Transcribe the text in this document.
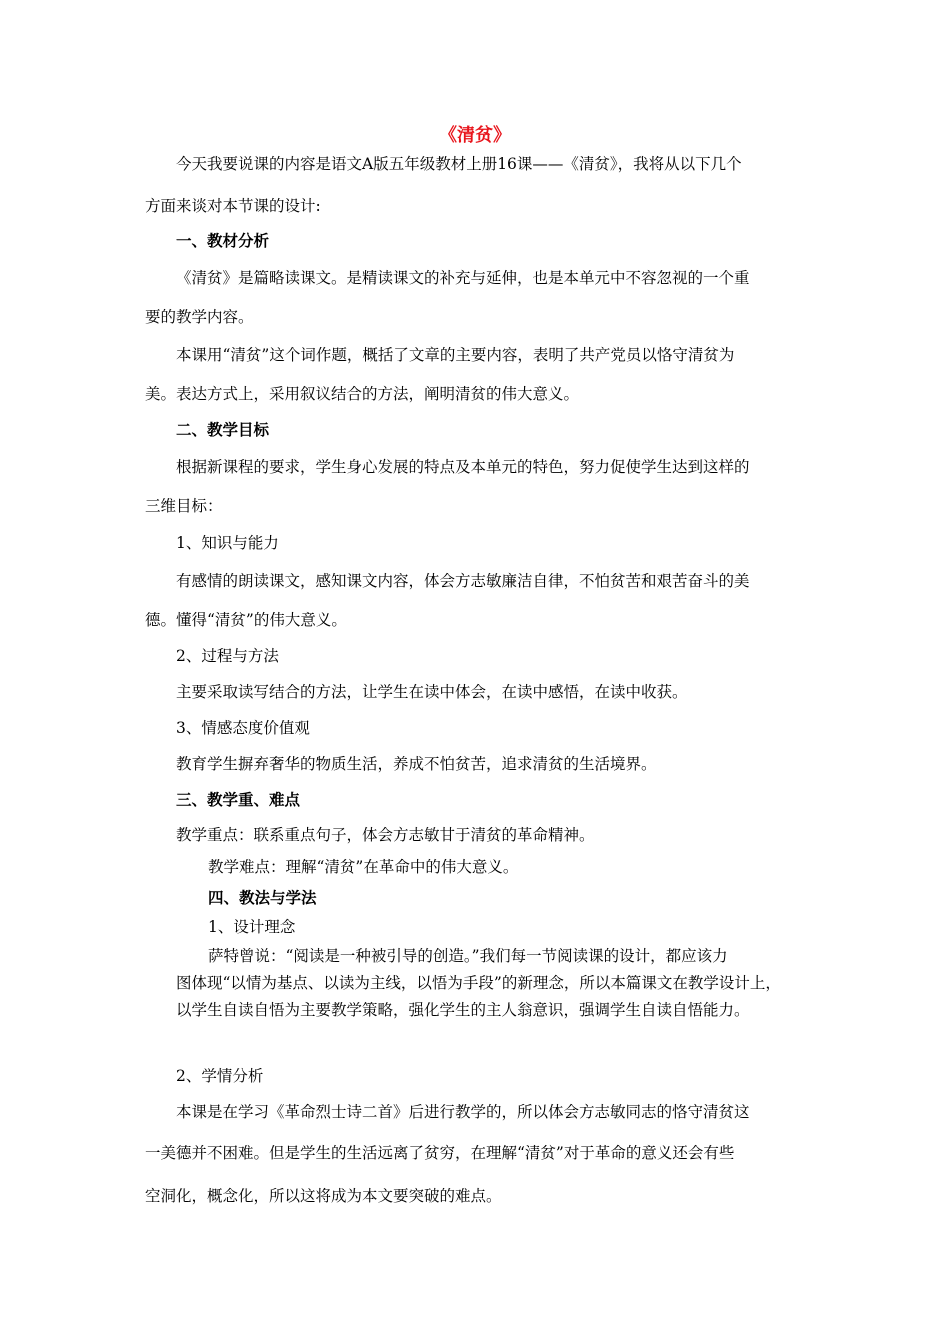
《清贫》
今天我要说课的内容是语文A版五年级教材上册16课——《清贫》，我将从以下几个
方面来谈对本节课的设计:
一、教材分析
《清贫》是篇略读课文。是精读课文的补充与延伸，也是本单元中不容忽视的一个重
要的教学内容。
本课用“清贫”这个词作题，概括了文章的主要内容，表明了共产党员以恪守清贫为
美。表达方式上，采用叙议结合的方法，阐明清贫的伟大意义。
二、教学目标
根据新课程的要求，学生身心发展的特点及本单元的特色，努力促使学生达到这样的
三维目标：
1、知识与能力
有感情的朗读课文，感知课文内容，体会方志敏廉洁自律，不怕贫苦和艰苦奋斗的美
德。懂得“清贫”的伟大意义。
2、过程与方法
主要采取读写结合的方法，让学生在读中体会，在读中感悟，在读中收获。
3、情感态度价值观
教育学生摒弃奢华的物质生活，养成不怕贫苦，追求清贫的生活境界。
三、教学重、难点
教学重点：联系重点句子，体会方志敏甘于清贫的革命精神。
教学难点：理解“清贫”在革命中的伟大意义。
四、教法与学法
1、设计理念
萨特曾说：“阅读是一种被引导的创造。”我们每一节阅读课的设计，都应该力
图体现“以情为基点、以读为主线，以悟为手段”的新理念，所以本篇课文在教学设计上，
以学生自读自悟为主要教学策略，强化学生的主人翁意识，强调学生自读自悟能力。
2、学情分析
本课是在学习《革命烈士诗二首》后进行教学的，所以体会方志敏同志的恪守清贫这
一美德并不困难。但是学生的生活远离了贫穷，在理解“清贫”对于革命的意义还会有些
空洞化，概念化，所以这将成为本文要突破的难点。
